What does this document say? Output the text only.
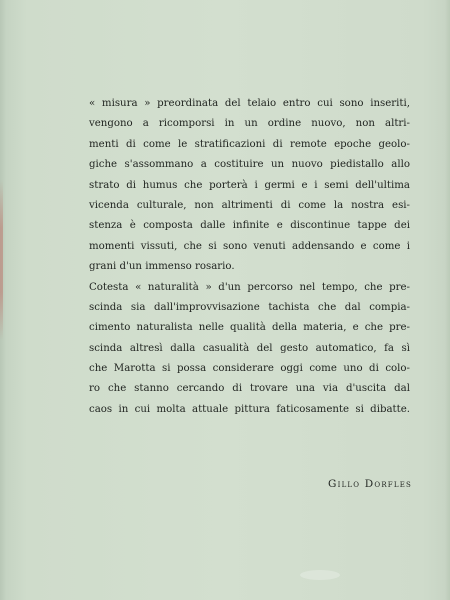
« misura » preordinata del telaio entro cui sono inseriti,
vengono a ricomporsi in un ordine nuovo, non altri-
menti di come le stratificazioni di remote epoche geolo-
giche s'assommano a costituire un nuovo piedistallo allo
strato di humus che porterà i germi e i semi dell'ultima
vicenda culturale, non altrimenti di come la nostra esi-
stenza è composta dalle infinite e discontinue tappe dei
momenti vissuti, che si sono venuti addensando e come i
grani d'un immenso rosario.
Cotesta « naturalità » d'un percorso nel tempo, che pre-
scinda sia dall'improvvisazione tachista che dal compia-
cimento naturalista nelle qualità della materia, e che pre-
scinda altresì dalla casualità del gesto automatico, fa sì
che Marotta si possa considerare oggi come uno di colo-
ro che stanno cercando di trovare una via d'uscita dal
caos in cui molta attuale pittura faticosamente si dibatte.
Gillo Dorfles
